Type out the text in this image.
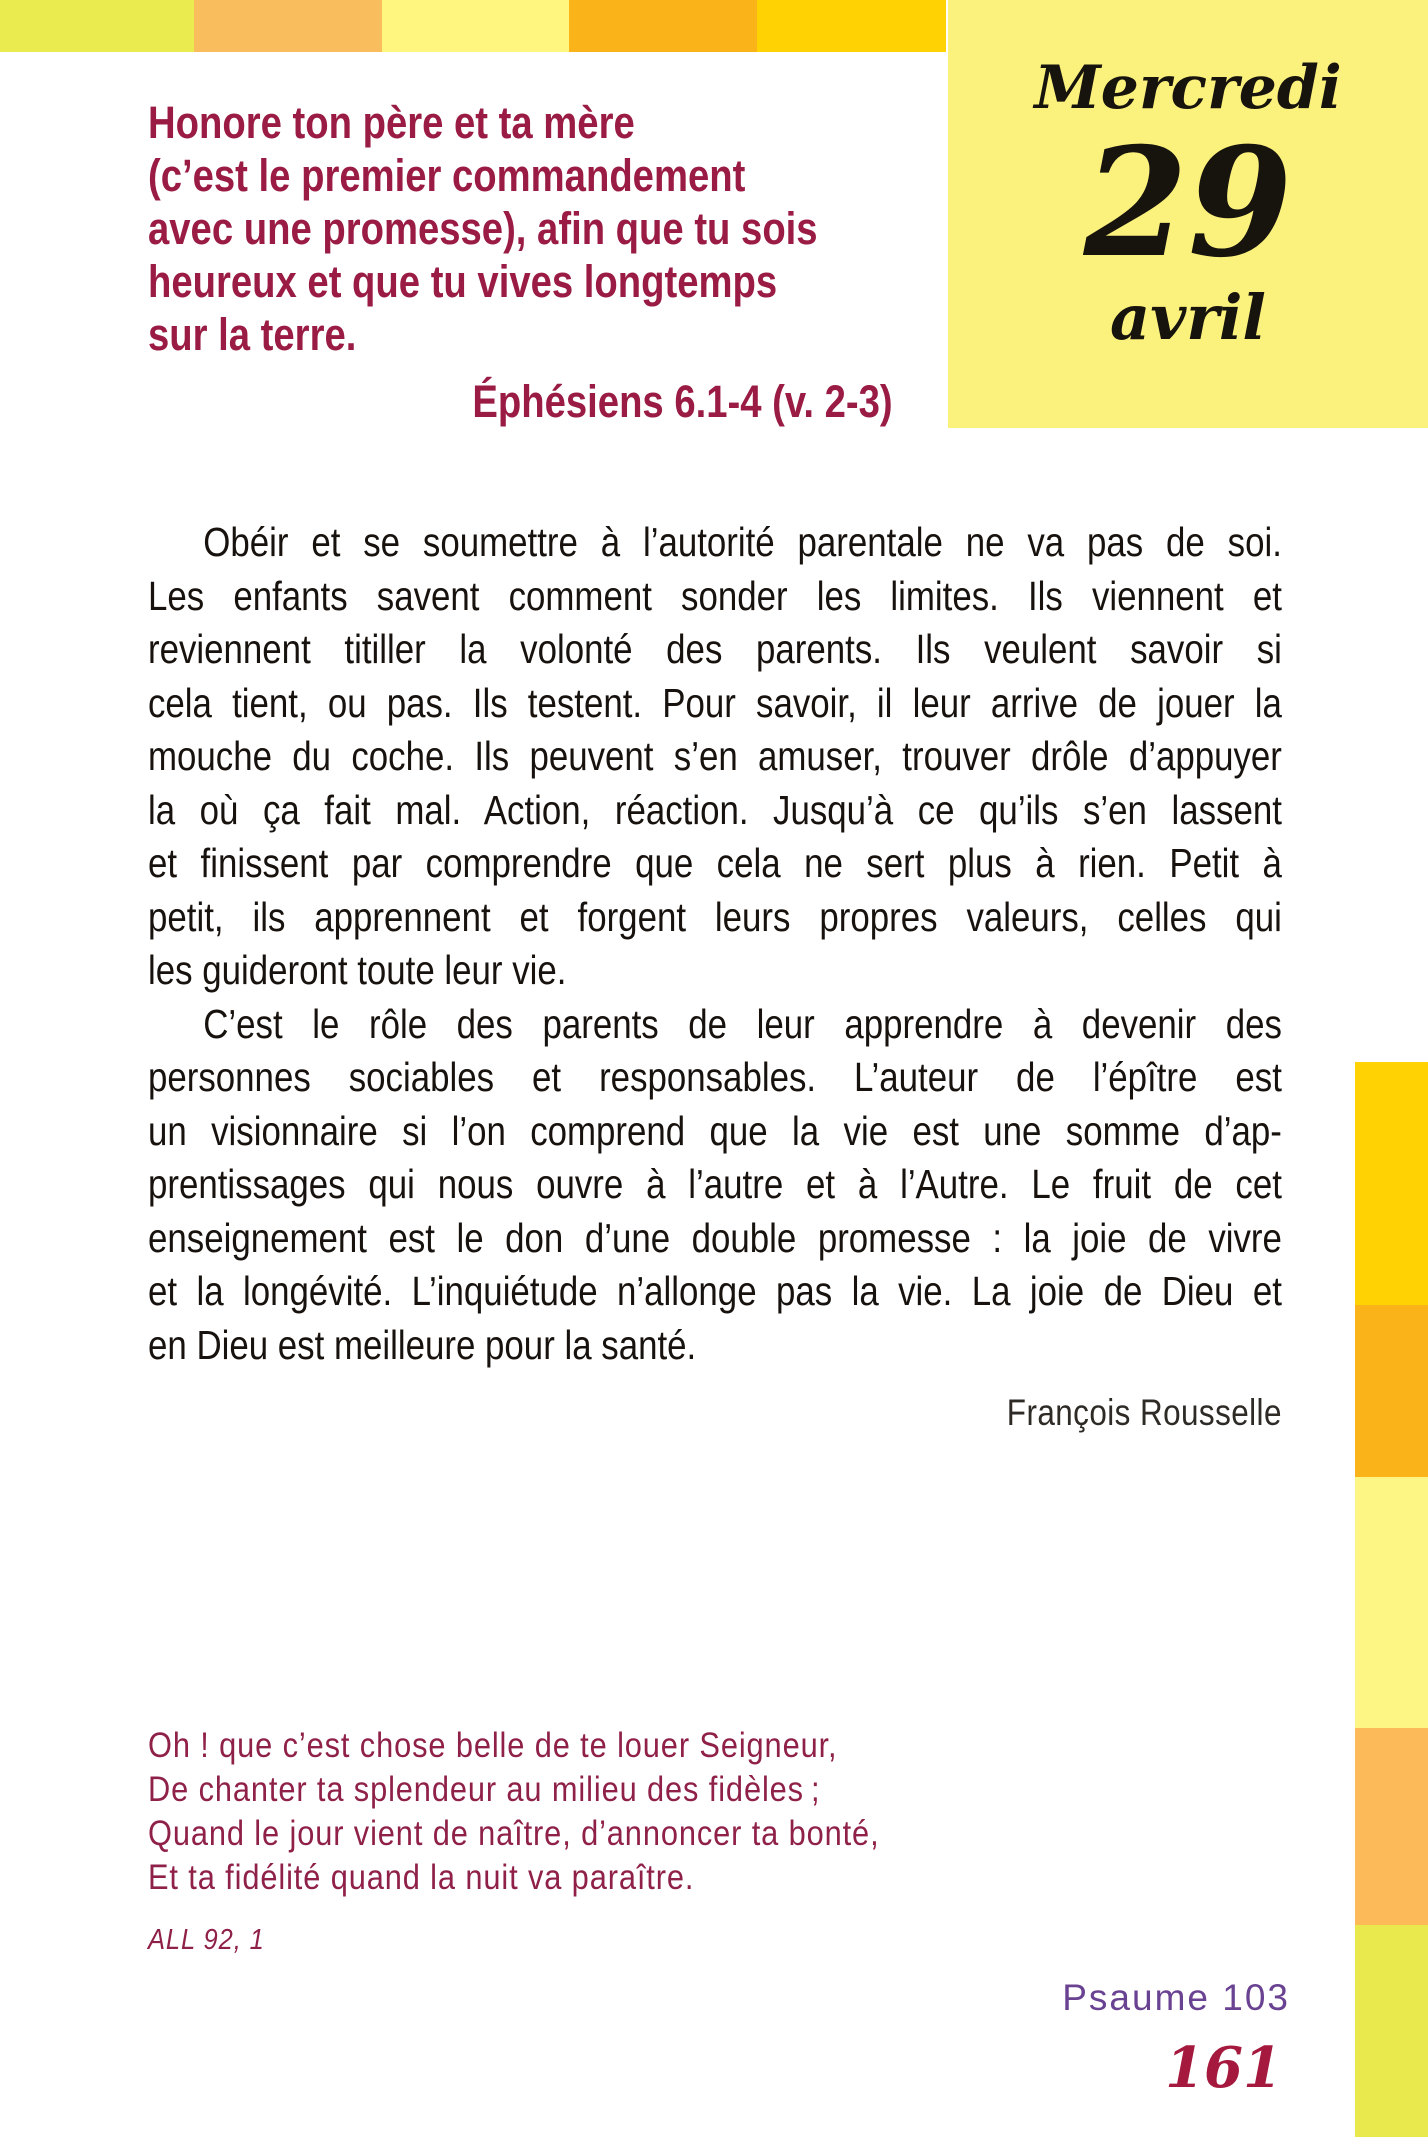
Mercredi
29
avril
Honore ton père et ta mère
(c’est le premier commandement
avec une promesse), afin que tu sois
heureux et que tu vives longtemps
sur la terre.
Éphésiens 6.1-4 (v. 2-3)
Obéir et se soumettre à l’autorité parentale ne va pas de soi.
Les enfants savent comment sonder les limites. Ils viennent et
reviennent titiller la volonté des parents. Ils veulent savoir si
cela tient, ou pas. Ils testent. Pour savoir, il leur arrive de jouer la
mouche du coche. Ils peuvent s’en amuser, trouver drôle d’appuyer
la où ça fait mal. Action, réaction. Jusqu’à ce qu’ils s’en lassent
et finissent par comprendre que cela ne sert plus à rien. Petit à
petit, ils apprennent et forgent leurs propres valeurs, celles qui
les guideront toute leur vie.
C’est le rôle des parents de leur apprendre à devenir des
personnes sociables et responsables. L’auteur de l’épître est
un visionnaire si l’on comprend que la vie est une somme d’ap-
prentissages qui nous ouvre à l’autre et à l’Autre. Le fruit de cet
enseignement est le don d’une double promesse : la joie de vivre
et la longévité. L’inquiétude n’allonge pas la vie. La joie de Dieu et
en Dieu est meilleure pour la santé.
François Rousselle
Oh ! que c’est chose belle de te louer Seigneur,
De chanter ta splendeur au milieu des fidèles ;
Quand le jour vient de naître, d’annoncer ta bonté,
Et ta fidélité quand la nuit va paraître.
ALL 92, 1
Psaume 103
161
